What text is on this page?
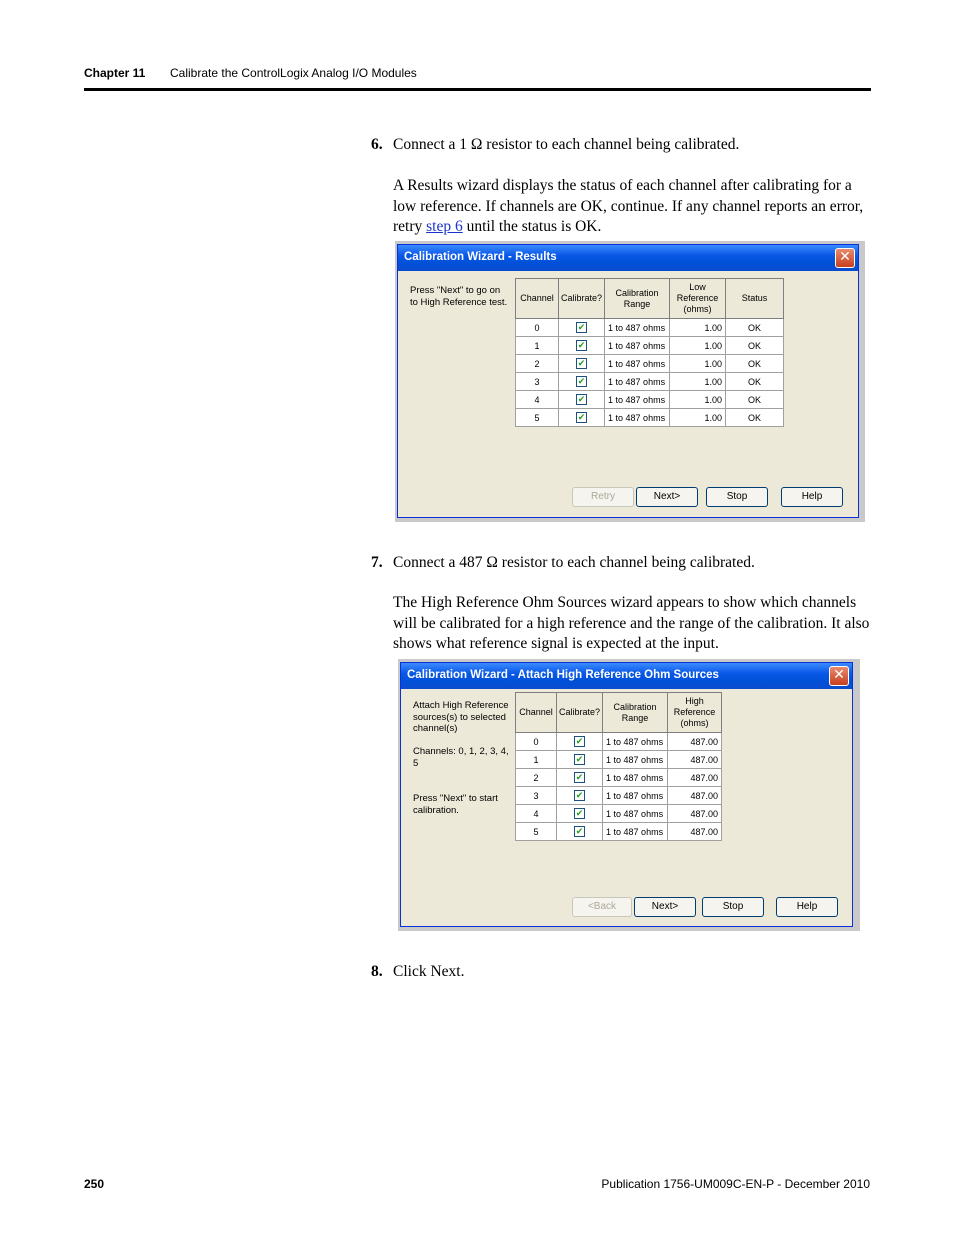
Chapter 11 Calibrate the ControlLogix Analog I/O Modules
6. Connect a 1 Ω resistor to each channel being calibrated.
A Results wizard displays the status of each channel after calibrating for a low reference. If channels are OK, continue. If any channel reports an error, retry step 6 until the status is OK.
Calibration Wizard - Results	✕
Press "Next" to go on to High Reference test.	Channel	Calibrate?	Calibration Range	Low Reference (ohms)	Status
0	✔	1 to 487 ohms	1.00	OK
1	✔	1 to 487 ohms	1.00	OK
2	✔	1 to 487 ohms	1.00	OK
3	✔	1 to 487 ohms	1.00	OK
4	✔	1 to 487 ohms	1.00	OK
5	✔	1 to 487 ohms	1.00	OK
Retry	Next>	Stop	Help
7. Connect a 487 Ω resistor to each channel being calibrated.
The High Reference Ohm Sources wizard appears to show which channels will be calibrated for a high reference and the range of the calibration. It also shows what reference signal is expected at the input.
Calibration Wizard - Attach High Reference Ohm Sources	✕
Attach High Reference sources(s) to selected channel(s)
Channels: 0, 1, 2, 3, 4, 5
Press "Next" to start calibration.
Channel	Calibrate?	Calibration Range	High Reference (ohms)
0	✔	1 to 487 ohms	487.00
1	✔	1 to 487 ohms	487.00
2	✔	1 to 487 ohms	487.00
3	✔	1 to 487 ohms	487.00
4	✔	1 to 487 ohms	487.00
5	✔	1 to 487 ohms	487.00
<Back	Next>	Stop	Help
8. Click Next.
250	Publication 1756-UM009C-EN-P - December 2010
